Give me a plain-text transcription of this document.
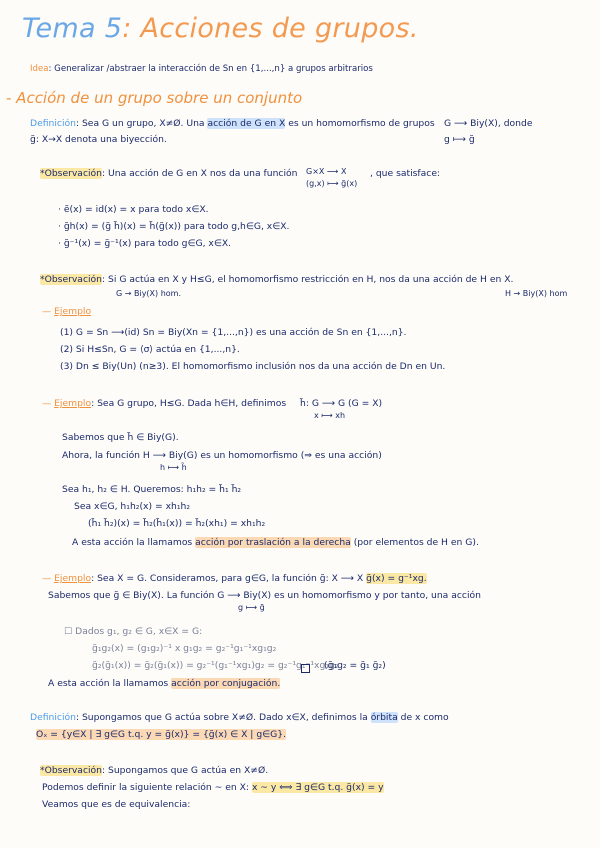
Tema 5: Acciones de grupos.
Idea: Generalizar /abstraer la interacción de Sn en {1,...,n} a grupos arbitrarios
- Acción de un grupo sobre un conjunto
Definición: Sea G un grupo, X≠Ø. Una acción de G en X es un homomorfismo de grupos G ⟶ Biy(X), donde
g̃: X→X denota una biyección.	g ⟼ g̃
*Observación: Una acción de G en X nos da una función G×X ⟶ X
(g,x) ⟼ g̃(x)
, que satisface:
· ẽ(x) = id(x) = x para todo x∈X.
· g̃h(x) = (g̃ h̃)(x) = h̃(g̃(x)) para todo g,h∈G, x∈X.
· g̃⁻¹(x) = g̃⁻¹(x) para todo g∈G, x∈X.
*Observación: Si G actúa en X y H≤G, el homomorfismo restricción en H, nos da una acción de H en X.
G → Biy(X) hom.	H → Biy(X) hom
— Ejemplo
(1) G = Sn ⟶(id) Sn = Biy(Xn = {1,...,n}) es una acción de Sn en {1,...,n}.
(2) Si H≤Sn, G = ⟨σ⟩ actúa en {1,...,n}.
(3) Dn ≤ Biy(Un) (n≥3). El homomorfismo inclusión nos da una acción de Dn en Un.
— Ejemplo: Sea G grupo, H≤G. Dada h∈H, definimos h̃: G ⟶ G (G = X)
x ⟼ xh
Sabemos que h̃ ∈ Biy(G).
Ahora, la función H ⟶ Biy(G) es un homomorfismo (⇒ es una acción)
h ⟼ h̃
Sea h₁, h₂ ∈ H. Queremos: h₁h₂ = h̃₁ h̃₂
Sea x∈G, h₁h₂(x) = xh₁h₂
(h̃₁ h̃₂)(x) = h̃₂(h̃₁(x)) = h̃₂(xh₁) = xh₁h₂
A esta acción la llamamos acción por traslación a la derecha (por elementos de H en G).
— Ejemplo: Sea X = G. Consideramos, para g∈G, la función g̃: X ⟶ X g̃(x) = g⁻¹xg.
Sabemos que g̃ ∈ Biy(X). La función G ⟶ Biy(X) es un homomorfismo y por tanto, una acción
g ⟼ g̃
☐ Dados g₁, g₂ ∈ G, x∈X = G:
g̃₁g₂(x) = (g₁g₂)⁻¹ x g₁g₂ = g₂⁻¹g₁⁻¹xg₁g₂
g̃₂(g̃₁(x)) = g̃₂(g̃₁(x)) = g₂⁻¹(g₁⁻¹xg₁)g₂ = g₂⁻¹g₁⁻¹xg₁g₂
(g̃₁g₂ = g̃₁ g̃₂)
A esta acción la llamamos acción por conjugación.
Definición: Supongamos que G actúa sobre X≠Ø. Dado x∈X, definimos la órbita de x como
Oₓ = {y∈X | ∃ g∈G t.q. y = g̃(x)} = {g̃(x) ∈ X | g∈G}.
*Observación: Supongamos que G actúa en X≠Ø.
Podemos definir la siguiente relación ~ en X: x ~ y ⟺ ∃ g∈G t.q. g̃(x) = y
Veamos que es de equivalencia:
